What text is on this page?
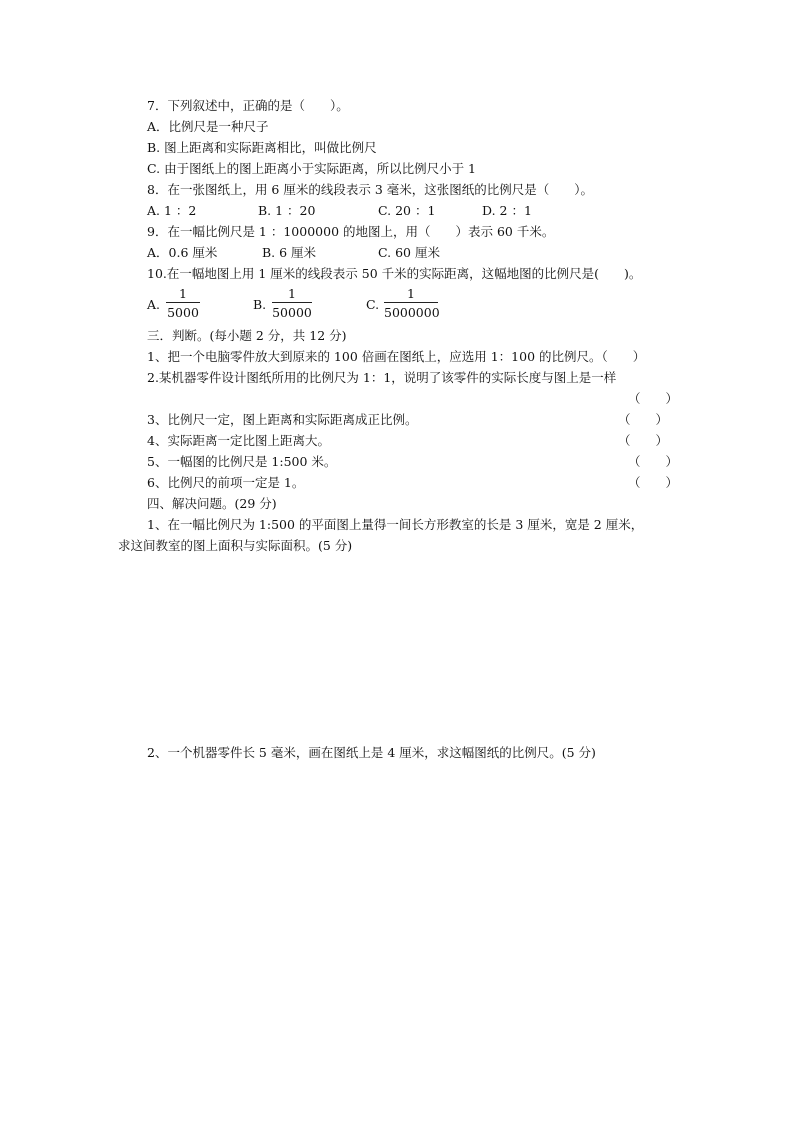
7．下列叙述中，正确的是（　　）。
A．比例尺是一种尺子
B. 图上距离和实际距离相比，叫做比例尺
C. 由于图纸上的图上距离小于实际距离，所以比例尺小于 1
8．在一张图纸上，用 6 厘米的线段表示 3 毫米，这张图纸的比例尺是（　　）。
A. 1 ：2	B. 1 ：20	C. 20 ：1	D. 2 ：1
9．在一幅比例尺是 1 ：1000000 的地图上，用（　　）表示 60 千米。
A．0.6 厘米	B. 6 厘米	C. 60 厘米
10.在一幅地图上用 1 厘米的线段表示 50 千米的实际距离，这幅地图的比例尺是(　　)。
A.
1
5000
B.
1
50000
C.
1
5000000
三．判断。(每小题 2 分，共 12 分)
1、把一个电脑零件放大到原来的 100 倍画在图纸上，应选用 1：100 的比例尺。（　　）
2.某机器零件设计图纸所用的比例尺为 1：1，说明了该零件的实际长度与图上是一样
（　　）
3、比例尺一定，图上距离和实际距离成正比例。	（　　）
4、实际距离一定比图上距离大。	（　　）
5、一幅图的比例尺是 1:500 米。	（　　）
6、比例尺的前项一定是 1。	（　　）
四、解决问题。(29 分)
1、在一幅比例尺为 1:500 的平面图上量得一间长方形教室的长是 3 厘米，宽是 2 厘米，
求这间教室的图上面积与实际面积。(5 分)
2、一个机器零件长 5 毫米，画在图纸上是 4 厘米，求这幅图纸的比例尺。(5 分)
